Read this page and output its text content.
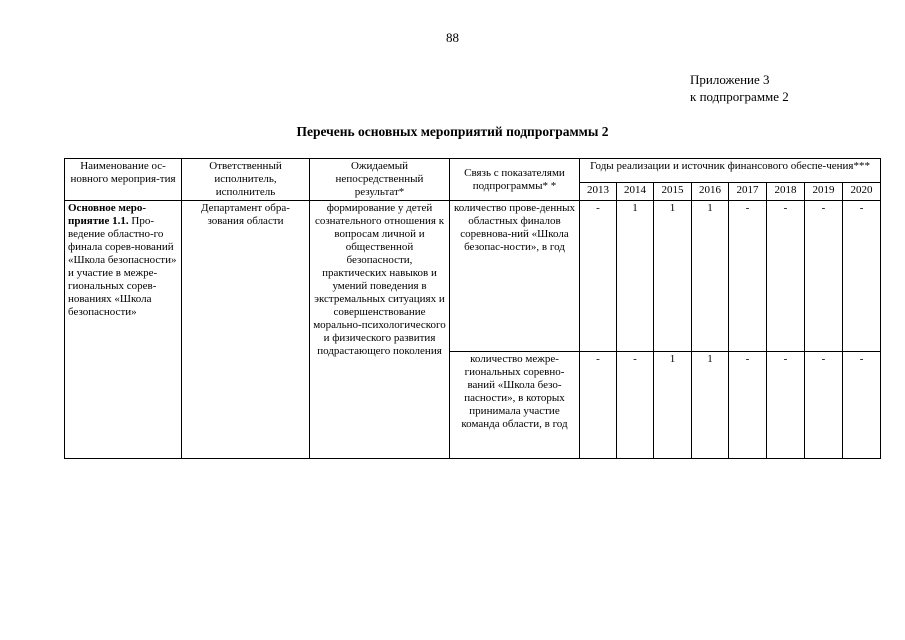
88
Приложение 3
к подпрограмме 2
Перечень основных мероприятий подпрограммы 2
Наименование ос-новного мероприя-тия	Ответственный исполнитель, исполнитель	Ожидаемый непосредственный результат*	Связь с показателями подпрограммы* *	Годы реализации и источник финансового обеспе-чения***							
				2013	2014	2015	2016	2017	2018	2019	2020
Основное меро-приятие 1.1. Про-ведение областно-го финала сорев-нований «Школа безопасности» и участие в межре-гиональных сорев-нованиях «Школа безопасности»	Департамент обра-зования области	формирование у детей сознательного отношения к вопросам личной и общественной безопасности, практических навыков и умений поведения в экстремальных ситуациях и совершенствование морально-психологического и физического развития подрастающего поколения	количество прове-денных областных финалов соревнова-ний «Школа безопас-ности», в год	-	1	1	1	-	-	-	-
			количество межре-гиональных соревно-ваний «Школа безо-пасности», в которых принимала участие команда области, в год	-	-	1	1	-	-	-	-
